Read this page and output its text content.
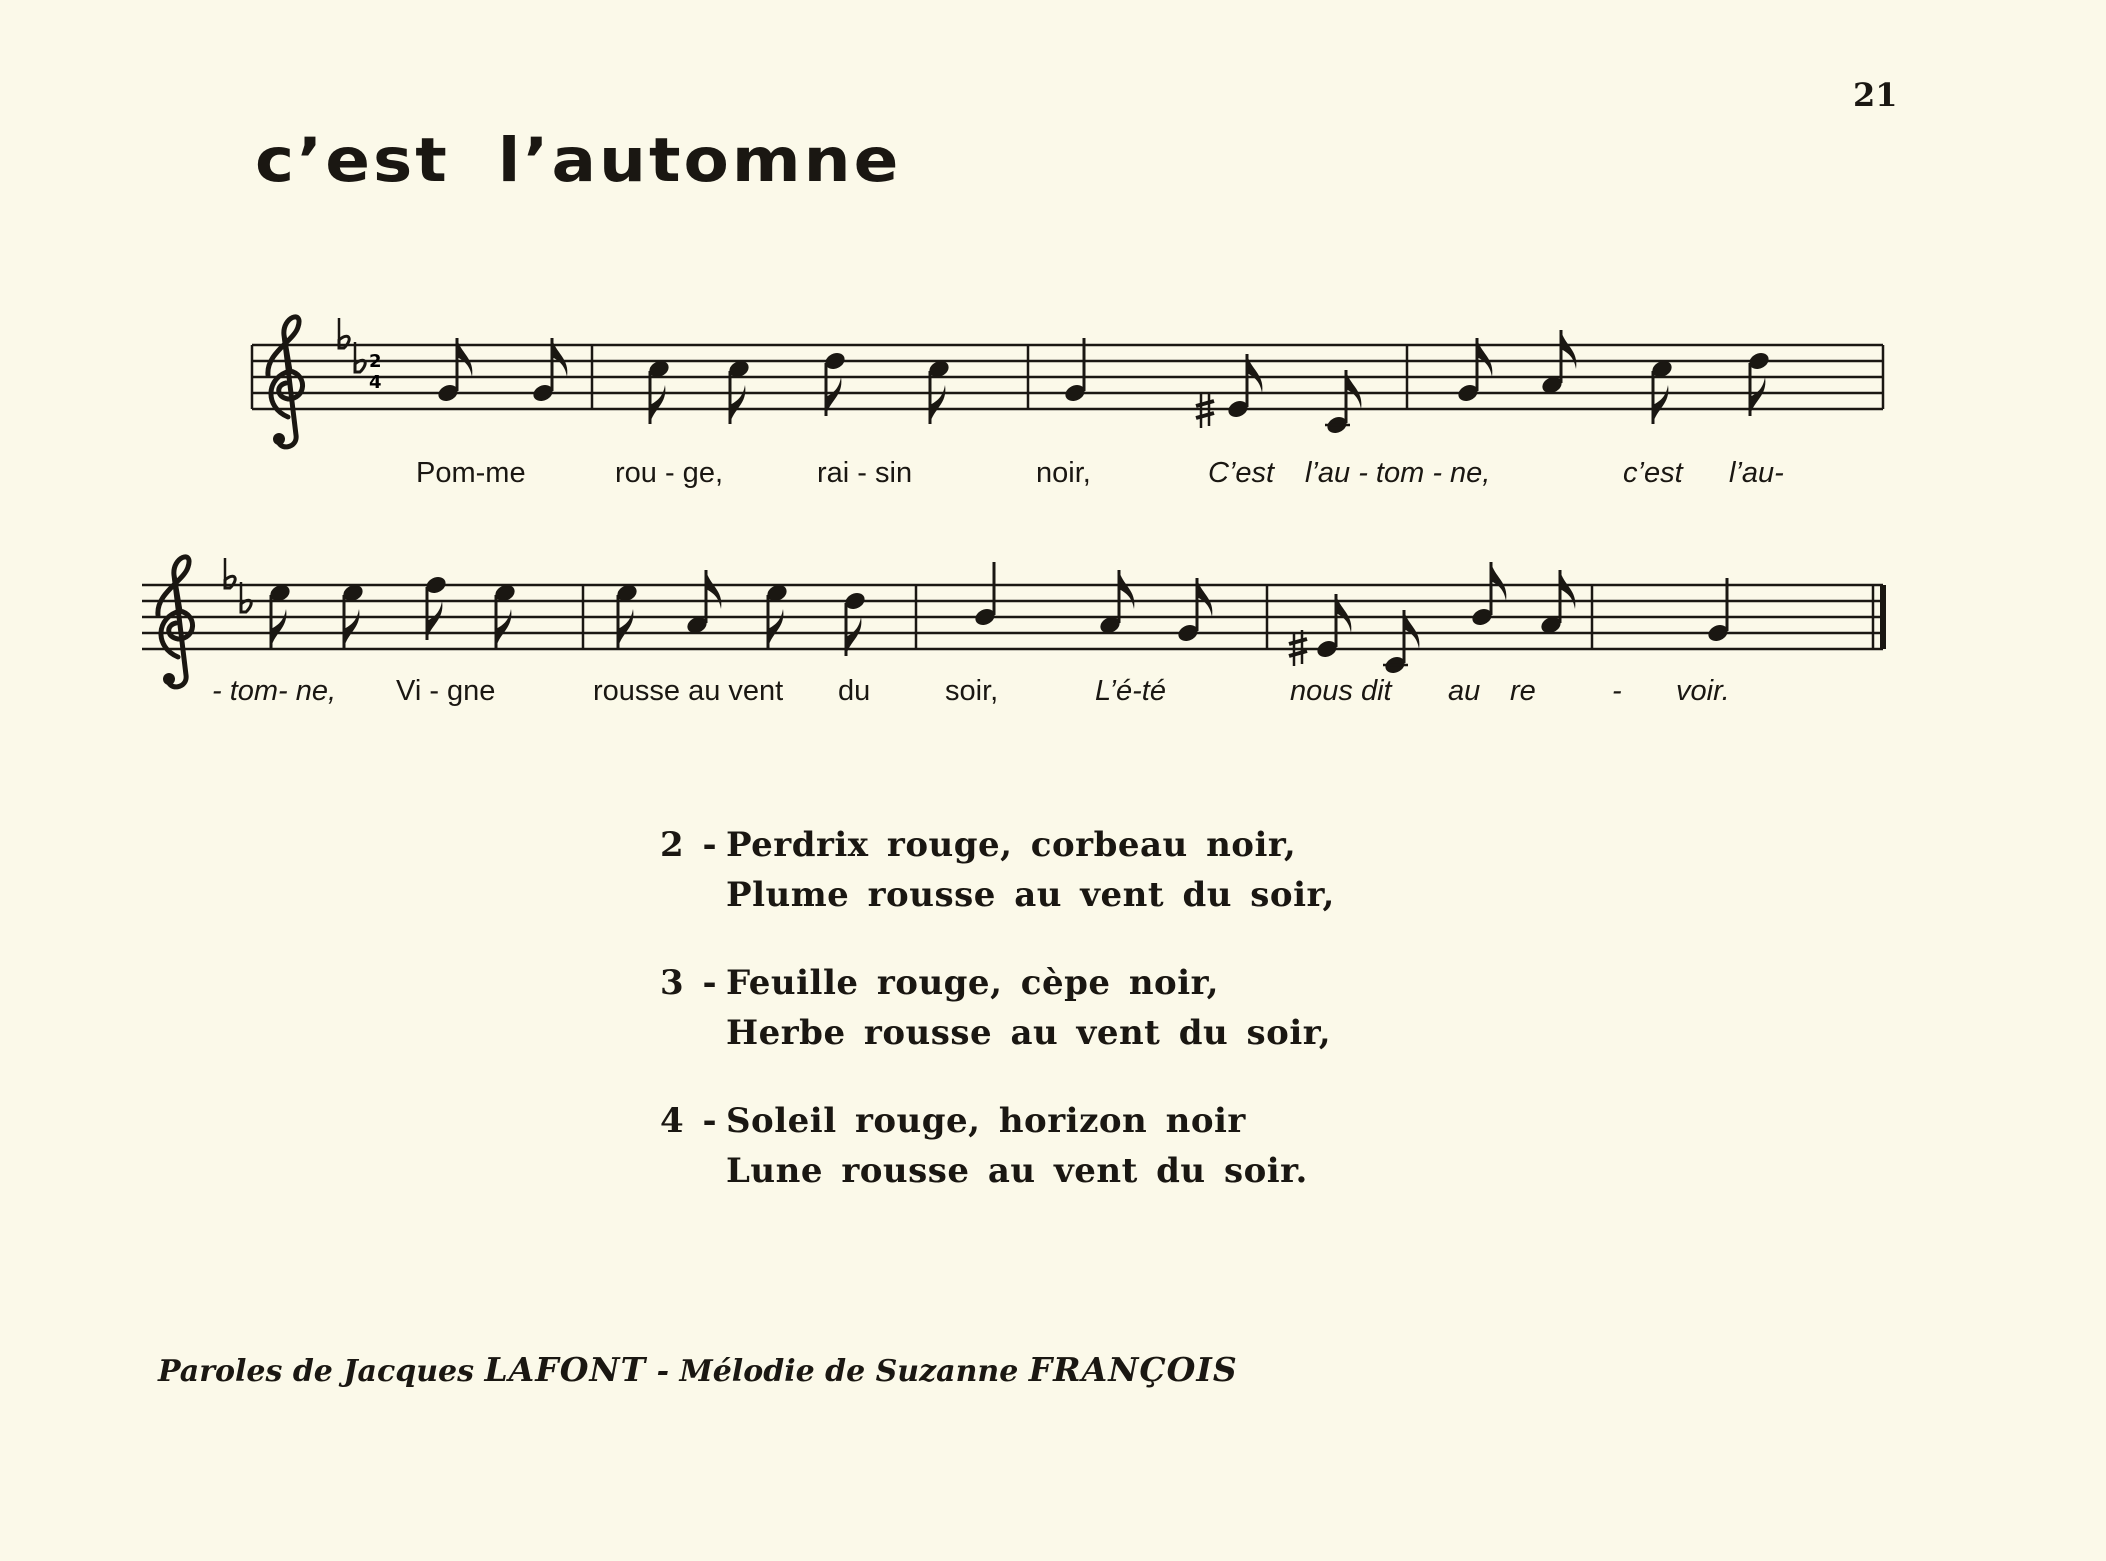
21
c’est l’automne
2
4
Pom-me	rou - ge,	rai - sin	noir,	C’est l’au - tom - ne,	c’est l’au-
- tom- ne, Vi - gne	rousse au vent du	soir,	L’é-té	nous dit au re	- voir.
2 - Perdrix rouge, corbeau noir,
Plume rousse au vent du soir,
3 - Feuille rouge, cèpe noir,
Herbe rousse au vent du soir,
4 - Soleil rouge, horizon noir
Lune rousse au vent du soir.
Paroles de Jacques LAFONT - Mélodie de Suzanne FRANÇOIS
